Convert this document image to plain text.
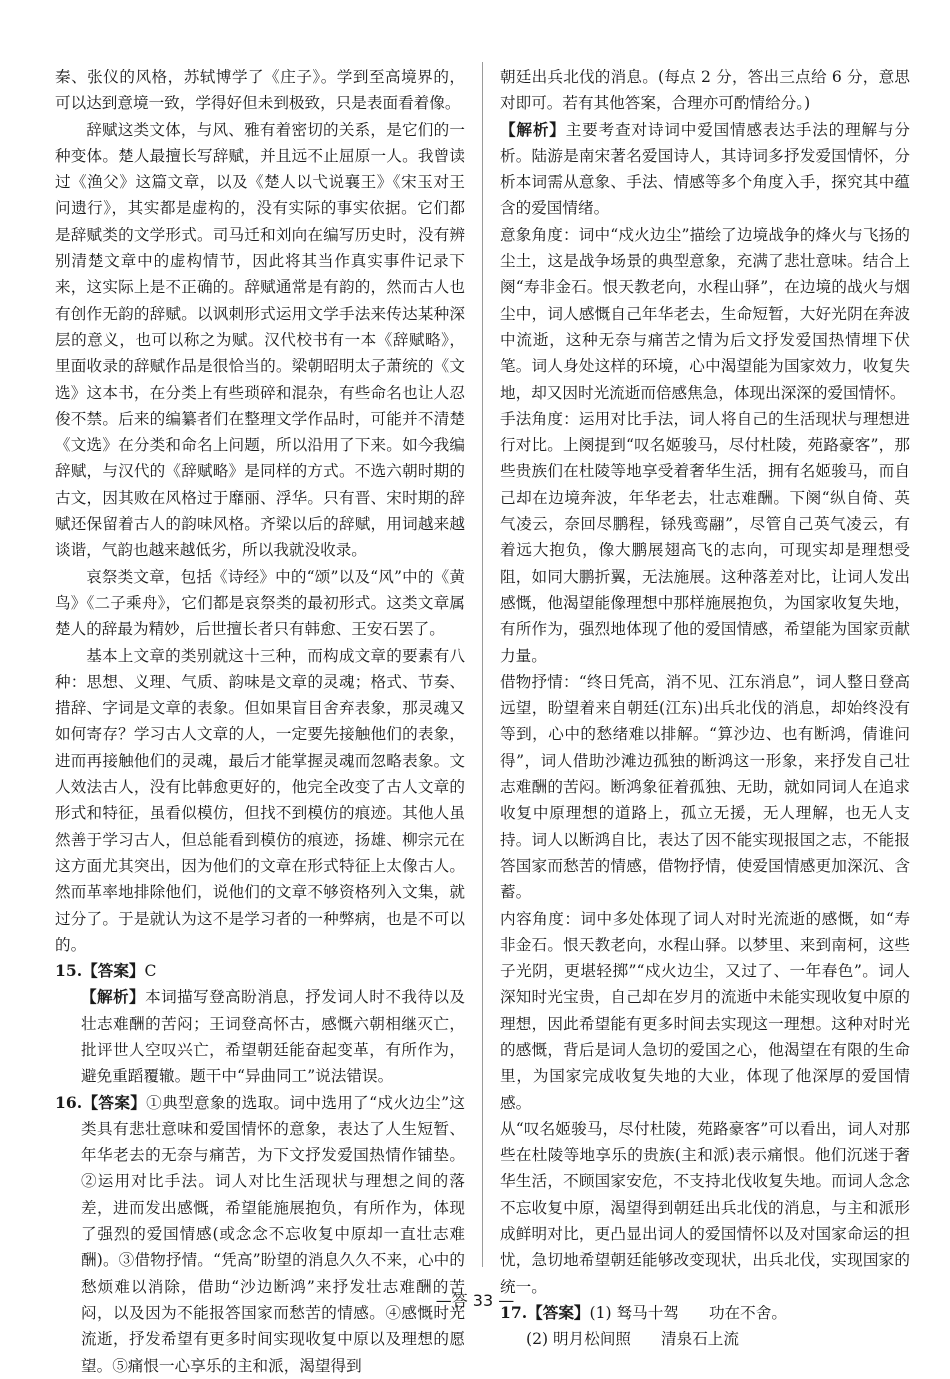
秦、张仪的风格，苏轼博学了《庄子》。学到至高境界的，可以达到意境一致，学得好但未到极致，只是表面看着像。

辞赋这类文体，与风、雅有着密切的关系，是它们的一种变体。楚人最擅长写辞赋，并且远不止屈原一人。我曾读过《渔父》这篇文章，以及《楚人以弋说襄王》《宋玉对王问遗行》，其实都是虚构的，没有实际的事实依据。它们都是辞赋类的文学形式。司马迁和刘向在编写历史时，没有辨别清楚文章中的虚构情节，因此将其当作真实事件记录下来，这实际上是不正确的。辞赋通常是有韵的，然而古人也有创作无韵的辞赋。以讽刺形式运用文学手法来传达某种深层的意义，也可以称之为赋。汉代校书有一本《辞赋略》，里面收录的辞赋作品是很恰当的。梁朝昭明太子萧统的《文选》这本书，在分类上有些琐碎和混杂，有些命名也让人忍俊不禁。后来的编纂者们在整理文学作品时，可能并不清楚《文选》在分类和命名上问题，所以沿用了下来。如今我编辞赋，与汉代的《辞赋略》是同样的方式。不选六朝时期的古文，因其败在风格过于靡丽、浮华。只有晋、宋时期的辞赋还保留着古人的韵味风格。齐梁以后的辞赋，用词越来越谈谐，气韵也越来越低劣，所以我就没收录。

哀祭类文章，包括《诗经》中的“颂”以及“风”中的《黄鸟》《二子乘舟》，它们都是哀祭类的最初形式。这类文章属楚人的辞最为精妙，后世擅长者只有韩愈、王安石罢了。

基本上文章的类别就这十三种，而构成文章的要素有八种：思想、义理、气质、韵味是文章的灵魂；格式、节奏、措辞、字词是文章的表象。但如果盲目舍弃表象，那灵魂又如何寄存？学习古人文章的人，一定要先接触他们的表象，进而再接触他们的灵魂，最后才能掌握灵魂而忽略表象。文人效法古人，没有比韩愈更好的，他完全改变了古人文章的形式和特征，虽看似模仿，但找不到模仿的痕迹。其他人虽然善于学习古人，但总能看到模仿的痕迹，扬雄、柳宗元在这方面尤其突出，因为他们的文章在形式特征上太像古人。然而革率地排除他们，说他们的文章不够资格列入文集，就过分了。于是就认为这不是学习者的一种弊病，也是不可以的。

15.【答案】C
【解析】本词描写登高盼消息，抒发词人时不我待以及壮志难酬的苦闷；王词登高怀古，感慨六朝相继灭亡，批评世人空叹兴亡，希望朝廷能奋起变革，有所作为，避免重蹈覆辙。题干中“异曲同工”说法错误。
16.【答案】①典型意象的选取。词中选用了“戍火边尘”这类具有悲壮意味和爱国情怀的意象，表达了人生短暂、年华老去的无奈与痛苦，为下文抒发爱国热情作铺垫。②运用对比手法。词人对比生活现状与理想之间的落差，进而发出感慨，希望能施展抱负，有所作为，体现了强烈的爱国情感(或念念不忘收复中原却一直壮志难酬)。③借物抒情。“凭高”盼望的消息久久不来，心中的愁烦难以消除，借助“沙边断鸿”来抒发壮志难酬的苦闷，以及因为不能报答国家而愁苦的情感。④感慨时光流逝，抒发希望有更多时间实现收复中原以及理想的愿望。⑤痛恨一心享乐的主和派，渴望得到

朝廷出兵北伐的消息。(每点 2 分，答出三点给 6 分，意思对即可。若有其他答案，合理亦可酌情给分。)

【解析】主要考查对诗词中爱国情感表达手法的理解与分析。陆游是南宋著名爱国诗人，其诗词多抒发爱国情怀，分析本词需从意象、手法、情感等多个角度入手，探究其中蕴含的爱国情绪。

意象角度：词中“戍火边尘”描绘了边境战争的烽火与飞扬的尘土，这是战争场景的典型意象，充满了悲壮意味。结合上阕“寿非金石。恨天教老向，水程山驿”，在边境的战火与烟尘中，词人感慨自己年华老去，生命短暂，大好光阴在奔波中流逝，这种无奈与痛苦之情为后文抒发爱国热情埋下伏笔。词人身处这样的环境，心中渴望能为国家效力，收复失地，却又因时光流逝而倍感焦急，体现出深深的爱国情怀。

手法角度：运用对比手法，词人将自己的生活现状与理想进行对比。上阕提到“叹名姬骏马，尽付杜陵，苑路豪客”，那些贵族们在杜陵等地享受着奢华生活，拥有名姬骏马，而自己却在边境奔波，年华老去，壮志难酬。下阕“纵自倚、英气凌云，奈回尽鹏程，铩残鸾翮”，尽管自己英气凌云，有着远大抱负，像大鹏展翅高飞的志向，可现实却是理想受阻，如同大鹏折翼，无法施展。这种落差对比，让词人发出感慨，他渴望能像理想中那样施展抱负，为国家收复失地，有所作为，强烈地体现了他的爱国情感，希望能为国家贡献力量。

借物抒情：“终日凭高，消不见、江东消息”，词人整日登高远望，盼望着来自朝廷(江东)出兵北伐的消息，却始终没有等到，心中的愁绪难以排解。“算沙边、也有断鸿，倩谁问得”，词人借助沙滩边孤独的断鸿这一形象，来抒发自己壮志难酬的苦闷。断鸿象征着孤独、无助，就如同词人在追求收复中原理想的道路上，孤立无援，无人理解，也无人支持。词人以断鸿自比，表达了因不能实现报国之志，不能报答国家而愁苦的情感，借物抒情，使爱国情感更加深沉、含蓄。

内容角度：词中多处体现了词人对时光流逝的感慨，如“寿非金石。恨天教老向，水程山驿。以梦里、来到南柯，这些子光阴，更堪轻掷”“戍火边尘，又过了、一年春色”。词人深知时光宝贵，自己却在岁月的流逝中未能实现收复中原的理想，因此希望能有更多时间去实现这一理想。这种对时光的感慨，背后是词人急切的爱国之心，他渴望在有限的生命里，为国家完成收复失地的大业，体现了他深厚的爱国情感。

从“叹名姬骏马，尽付杜陵，苑路豪客”可以看出，词人对那些在杜陵等地享乐的贵族(主和派)表示痛恨。他们沉迷于奢华生活，不顾国家安危，不支持北伐收复失地。而词人念念不忘收复中原，渴望得到朝廷出兵北伐的消息，与主和派形成鲜明对比，更凸显出词人的爱国情怀以及对国家命运的担忧，急切地希望朝廷能够改变现状，出兵北伐，实现国家的统一。

17.【答案】(1) 驽马十驾 功在不舍。
(2) 明月松间照 清泉石上流
—答 33 —
